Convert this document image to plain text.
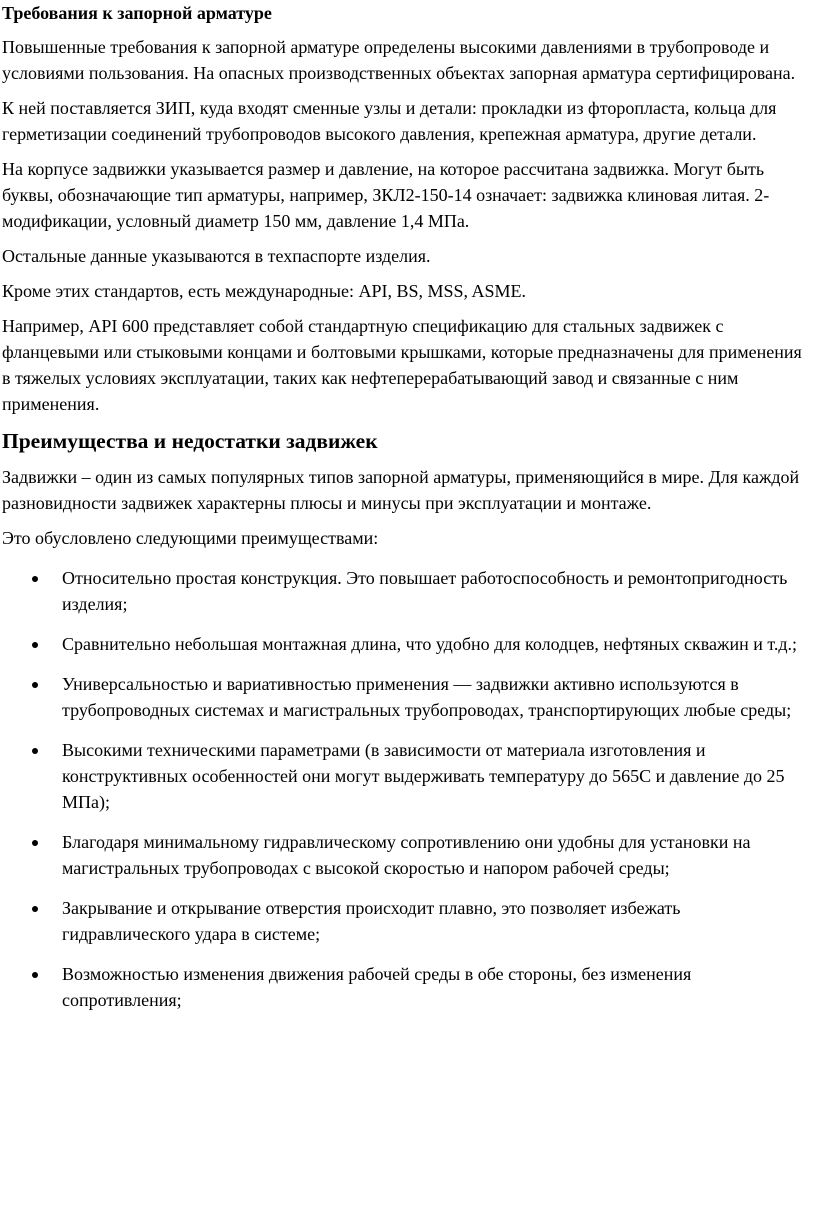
Требования к запорной арматуре

Повышенные требования к запорной арматуре определены высокими давлениями в трубопроводе и условиями пользования. На опасных производственных объектах запорная арматура сертифицирована.

К ней поставляется ЗИП, куда входят сменные узлы и детали: прокладки из фторопласта, кольца для герметизации соединений трубопроводов высокого давления, крепежная арматура, другие детали.

На корпусе задвижки указывается размер и давление, на которое рассчитана задвижка. Могут быть буквы, обозначающие тип арматуры, например, ЗКЛ2-150-14 означает: задвижка клиновая литая. 2-модификации, условный диаметр 150 мм, давление 1,4 МПа.

Остальные данные указываются в техпаспорте изделия.

Кроме этих стандартов, есть международные: API, BS, MSS, ASME.

Например, API 600 представляет собой стандартную спецификацию для стальных задвижек с фланцевыми или стыковыми концами и болтовыми крышками, которые предназначены для применения в тяжелых условиях эксплуатации, таких как нефтеперерабатывающий завод и связанные с ним применения.

Преимущества и недостатки задвижек

Задвижки – один из самых популярных типов запорной арматуры, применяющийся в мире. Для каждой разновидности задвижек характерны плюсы и минусы при эксплуатации и монтаже.

Это обусловлено следующими преимуществами:

Относительно простая конструкция. Это повышает работоспособность и ремонтопригодность изделия;
Сравнительно небольшая монтажная длина, что удобно для колодцев, нефтяных скважин и т.д.;
Универсальностью и вариативностью применения — задвижки активно используются в трубопроводных системах и магистральных трубопроводах, транспортирующих любые среды;
Высокими техническими параметрами (в зависимости от материала изготовления и конструктивных особенностей они могут выдерживать температуру до 565С и давление до 25 МПа);
Благодаря минимальному гидравлическому сопротивлению они удобны для установки на магистральных трубопроводах с высокой скоростью и напором рабочей среды;
Закрывание и открывание отверстия происходит плавно, это позволяет избежать гидравлического удара в системе;
Возможностью изменения движения рабочей среды в обе стороны, без изменения сопротивления;
